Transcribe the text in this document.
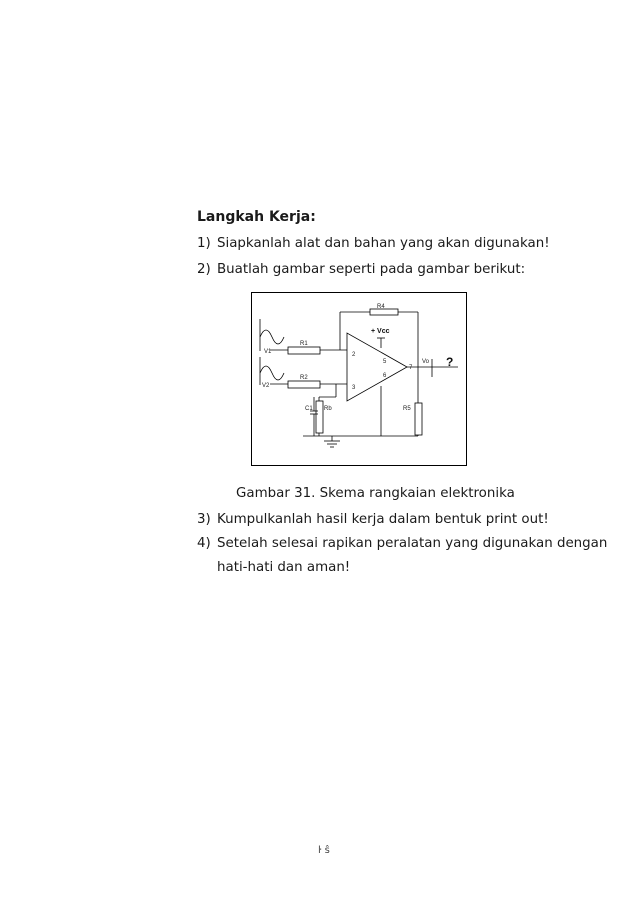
Langkah Kerja:
1) Siapkanlah alat dan bahan yang akan digunakan!
2) Buatlah gambar seperti pada gambar berikut:
R4
+ Vcc
R1
V1	2
5
6
7
Vo ?
R2
V2	3
C1 Rb	R5
Gambar 31. Skema rangkaian elektronika
3) Kumpulkanlah hasil kerja dalam bentuk print out!
4) Setelah selesai rapikan peralatan yang digunakan dengan
hati-hati dan aman!
ŀ ŝ
